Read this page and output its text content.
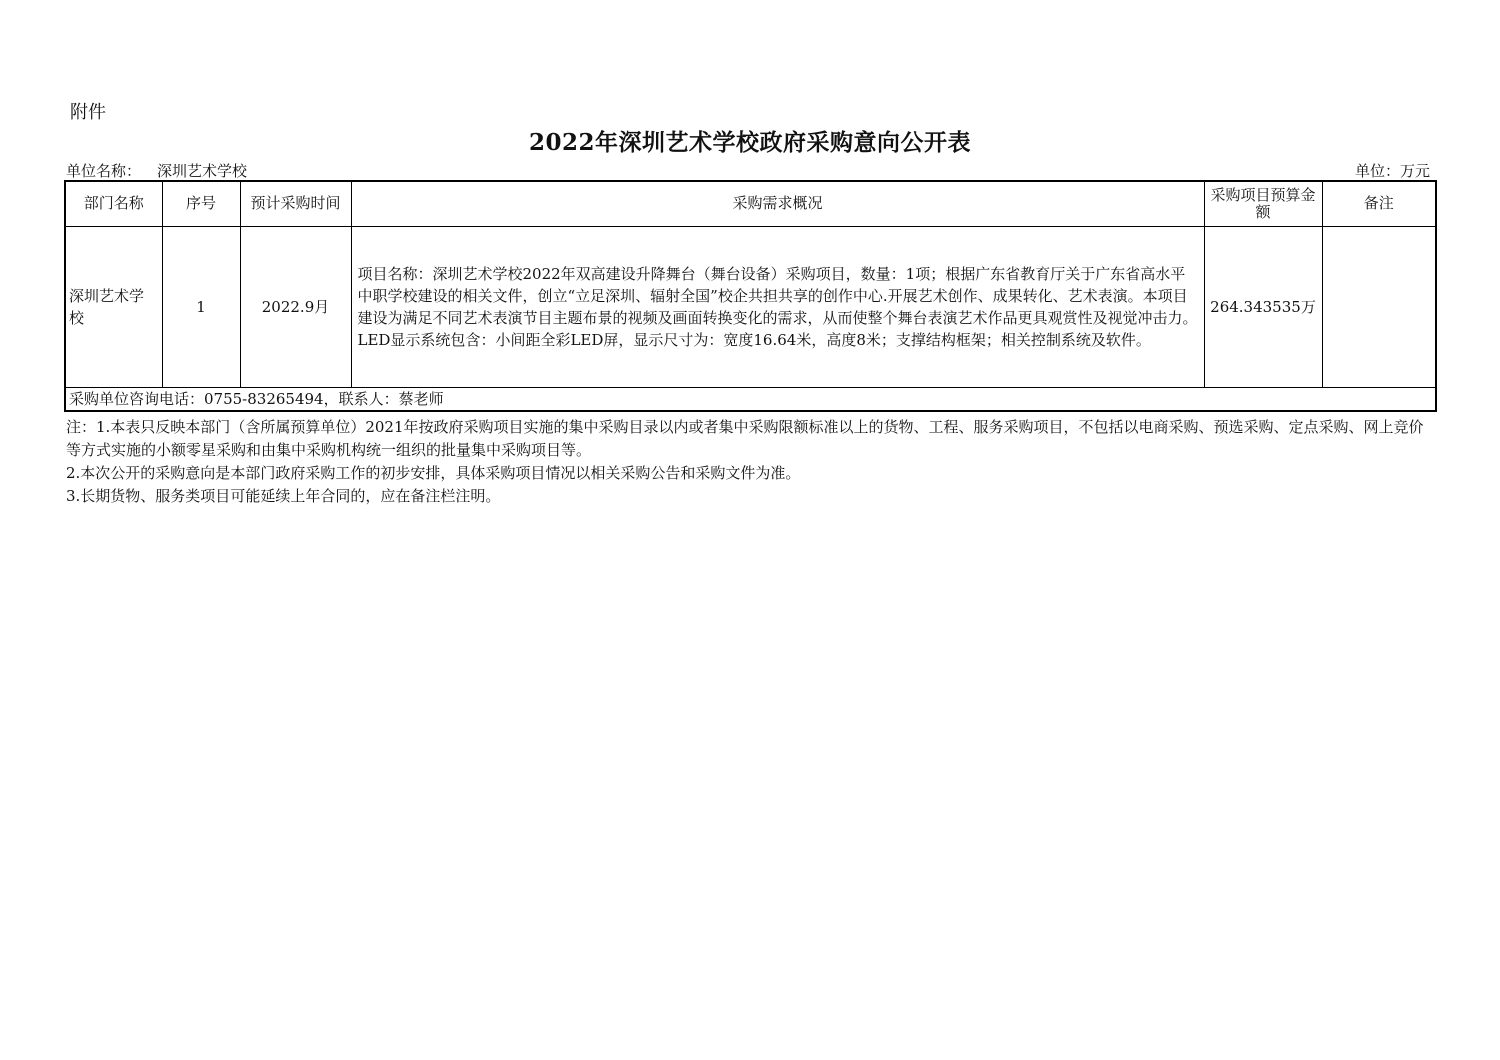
附件
2022年深圳艺术学校政府采购意向公开表
单位名称： 深圳艺术学校	单位：万元
部门名称	序号	预计采购时间	采购需求概况	采购项目预算金额	备注
深圳艺术学校	1	2022.9月	项目名称：深圳艺术学校2022年双高建设升降舞台（舞台设备）采购项目，数量：1项；根据广东省教育厅关于广东省高水平中职学校建设的相关文件，创立“立足深圳、辐射全国”校企共担共享的创作中心.开展艺术创作、成果转化、艺术表演。本项目建设为满足不同艺术表演节目主题布景的视频及画面转换变化的需求，从而使整个舞台表演艺术作品更具观赏性及视觉冲击力。LED显示系统包含：小间距全彩LED屏，显示尺寸为：宽度16.64米，高度8米；支撑结构框架；相关控制系统及软件。	264.343535万	
采购单位咨询电话：0755-83265494，联系人：蔡老师					

注：1.本表只反映本部门（含所属预算单位）2021年按政府采购项目实施的集中采购目录以内或者集中采购限额标准以上的货物、工程、服务采购项目，不包括以电商采购、预选采购、定点采购、网上竞价等方式实施的小额零星采购和由集中采购机构统一组织的批量集中采购项目等。

2.本次公开的采购意向是本部门政府采购工作的初步安排，具体采购项目情况以相关采购公告和采购文件为准。

3.长期货物、服务类项目可能延续上年合同的，应在备注栏注明。
